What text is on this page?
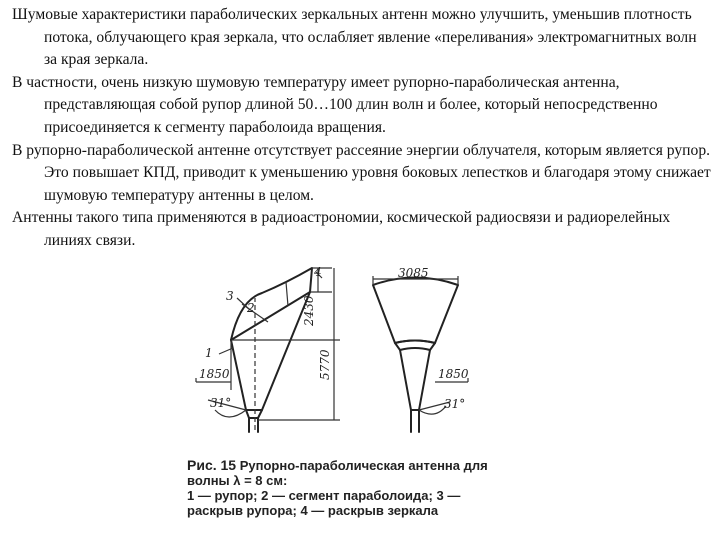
Шумовые характеристики параболических зеркальных антенн можно улучшить, уменьшив плотность потока, облучающего края зеркала, что ослабляет явление «переливания» электромагнитных волн за края зеркала.

В частности, очень низкую шумовую температуру имеет рупорно-параболическая антенна, представляющая собой рупор длиной 50…100 длин волн и более, который непосредственно присоединяется к сегменту параболоида вращения.

В рупорно-параболической антенне отсутствует рассеяние энергии облучателя, которым является рупор. Это повышает КПД, приводит к уменьшению уровня боковых лепестков и благодаря этому снижает шумовую температуру антенны в целом.

Антенны такого типа применяются в радиоастрономии, космической радиосвязи и радиорелейных линиях связи.

3
2
1
4
1850
31°
2430
5770
3085
1850
31°
Рис. 15 Рупорно-параболическая антенна для волны λ = 8 см:
1 — рупор; 2 — сегмент параболоида; 3 — раскрыв рупора; 4 — раскрыв зеркала
